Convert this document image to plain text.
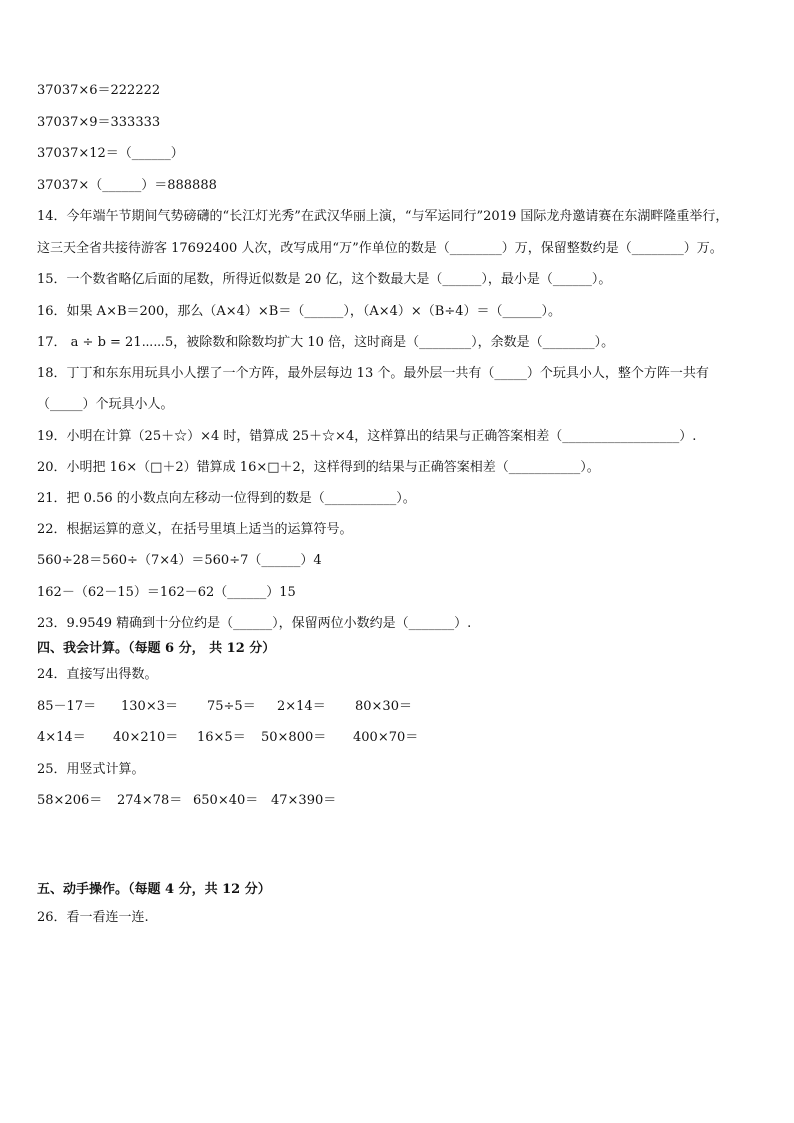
37037×6＝222222
37037×9＝333333
37037×12＝（______）
37037×（______）＝888888
14．今年端午节期间气势磅礴的“长江灯光秀”在武汉华丽上演，“与军运同行”2019 国际龙舟邀请赛在东湖畔隆重举行，
这三天全省共接待游客 17692400 人次，改写成用“万”作单位的数是（________）万，保留整数约是（________）万。
15．一个数省略亿后面的尾数，所得近似数是 20 亿，这个数最大是（______），最小是（______）。
16．如果 A×B＝200，那么（A×4）×B＝（______），（A×4）×（B÷4）＝（______）。
17． a ÷ b = 21⋯⋯5，被除数和除数均扩大 10 倍，这时商是（________），余数是（________）。
18．丁丁和东东用玩具小人摆了一个方阵，最外层每边 13 个。最外层一共有（_____）个玩具小人，整个方阵一共有
（_____）个玩具小人。
19．小明在计算（25＋☆）×4 时，错算成 25＋☆×4，这样算出的结果与正确答案相差（__________________）.
20．小明把 16×（□＋2）错算成 16×□＋2，这样得到的结果与正确答案相差（___________）。
21．把 0.56 的小数点向左移动一位得到的数是（___________）。
22．根据运算的意义，在括号里填上适当的运算符号。
560÷28＝560÷（7×4）＝560÷7（______）4
162－（62－15）＝162－62（______）15
23．9.9549 精确到十分位约是（______），保留两位小数约是（_______）.
四、我会计算。（每题 6 分， 共 12 分）
24．直接写出得数。
85－17＝ 130×3＝ 75÷5＝ 2×14＝ 80×30＝
4×14＝ 40×210＝ 16×5＝ 50×800＝ 400×70＝
25．用竖式计算。
58×206＝ 274×78＝ 650×40＝ 47×390＝
五、动手操作。（每题 4 分，共 12 分）
26．看一看连一连.
